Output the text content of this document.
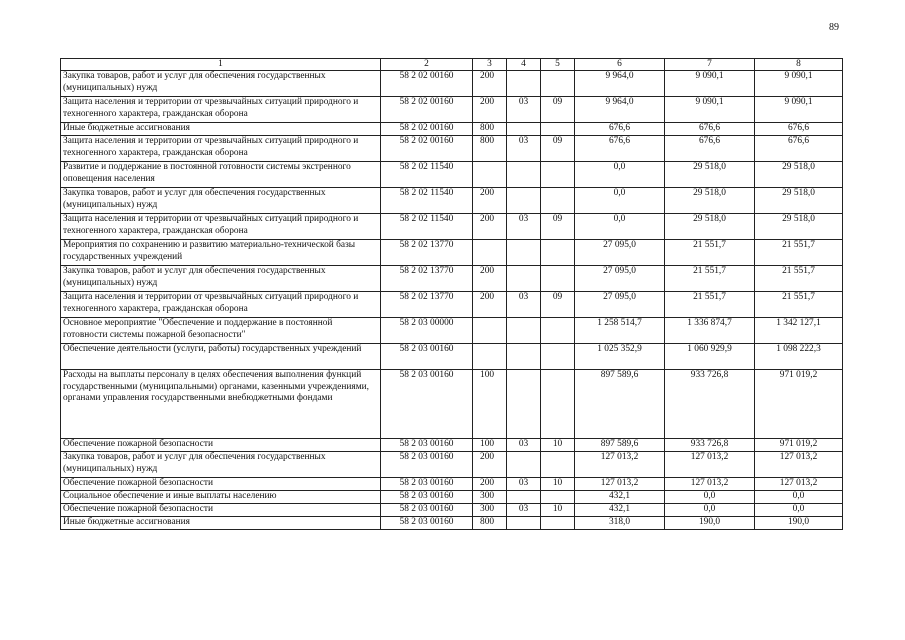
89
1	2	3	4	5	6	7	8
Закупка товаров, работ и услуг для обеспечения государственных (муниципальных) нужд	58 2 02 00160	200			9 964,0	9 090,1	9 090,1
Защита населения и территории от чрезвычайных ситуаций природного и техногенного характера, гражданская оборона	58 2 02 00160	200	03	09	9 964,0	9 090,1	9 090,1
Иные бюджетные ассигнования	58 2 02 00160	800			676,6	676,6	676,6
Защита населения и территории от чрезвычайных ситуаций природного и техногенного характера, гражданская оборона	58 2 02 00160	800	03	09	676,6	676,6	676,6
Развитие и поддержание в постоянной готовности системы экстренного оповещения населения	58 2 02 11540				0,0	29 518,0	29 518,0
Закупка товаров, работ и услуг для обеспечения государственных (муниципальных) нужд	58 2 02 11540	200			0,0	29 518,0	29 518,0
Защита населения и территории от чрезвычайных ситуаций природного и техногенного характера, гражданская оборона	58 2 02 11540	200	03	09	0,0	29 518,0	29 518,0
Мероприятия по сохранению и развитию материально-технической базы государственных учреждений	58 2 02 13770				27 095,0	21 551,7	21 551,7
Закупка товаров, работ и услуг для обеспечения государственных (муниципальных) нужд	58 2 02 13770	200			27 095,0	21 551,7	21 551,7
Защита населения и территории от чрезвычайных ситуаций природного и техногенного характера, гражданская оборона	58 2 02 13770	200	03	09	27 095,0	21 551,7	21 551,7
Основное мероприятие "Обеспечение и поддержание в постоянной готовности системы пожарной безопасности"	58 2 03 00000				1 258 514,7	1 336 874,7	1 342 127,1
Обеспечение деятельности (услуги, работы) государственных учреждений	58 2 03 00160				1 025 352,9	1 060 929,9	1 098 222,3
Расходы на выплаты персоналу в целях обеспечения выполнения функций государственными (муниципальными) органами, казенными учреждениями, органами управления государственными внебюджетными фондами	58 2 03 00160	100			897 589,6	933 726,8	971 019,2
Обеспечение пожарной безопасности	58 2 03 00160	100	03	10	897 589,6	933 726,8	971 019,2
Закупка товаров, работ и услуг для обеспечения государственных (муниципальных) нужд	58 2 03 00160	200			127 013,2	127 013,2	127 013,2
Обеспечение пожарной безопасности	58 2 03 00160	200	03	10	127 013,2	127 013,2	127 013,2
Социальное обеспечение и иные выплаты населению	58 2 03 00160	300			432,1	0,0	0,0
Обеспечение пожарной безопасности	58 2 03 00160	300	03	10	432,1	0,0	0,0
Иные бюджетные ассигнования	58 2 03 00160	800			318,0	190,0	190,0
